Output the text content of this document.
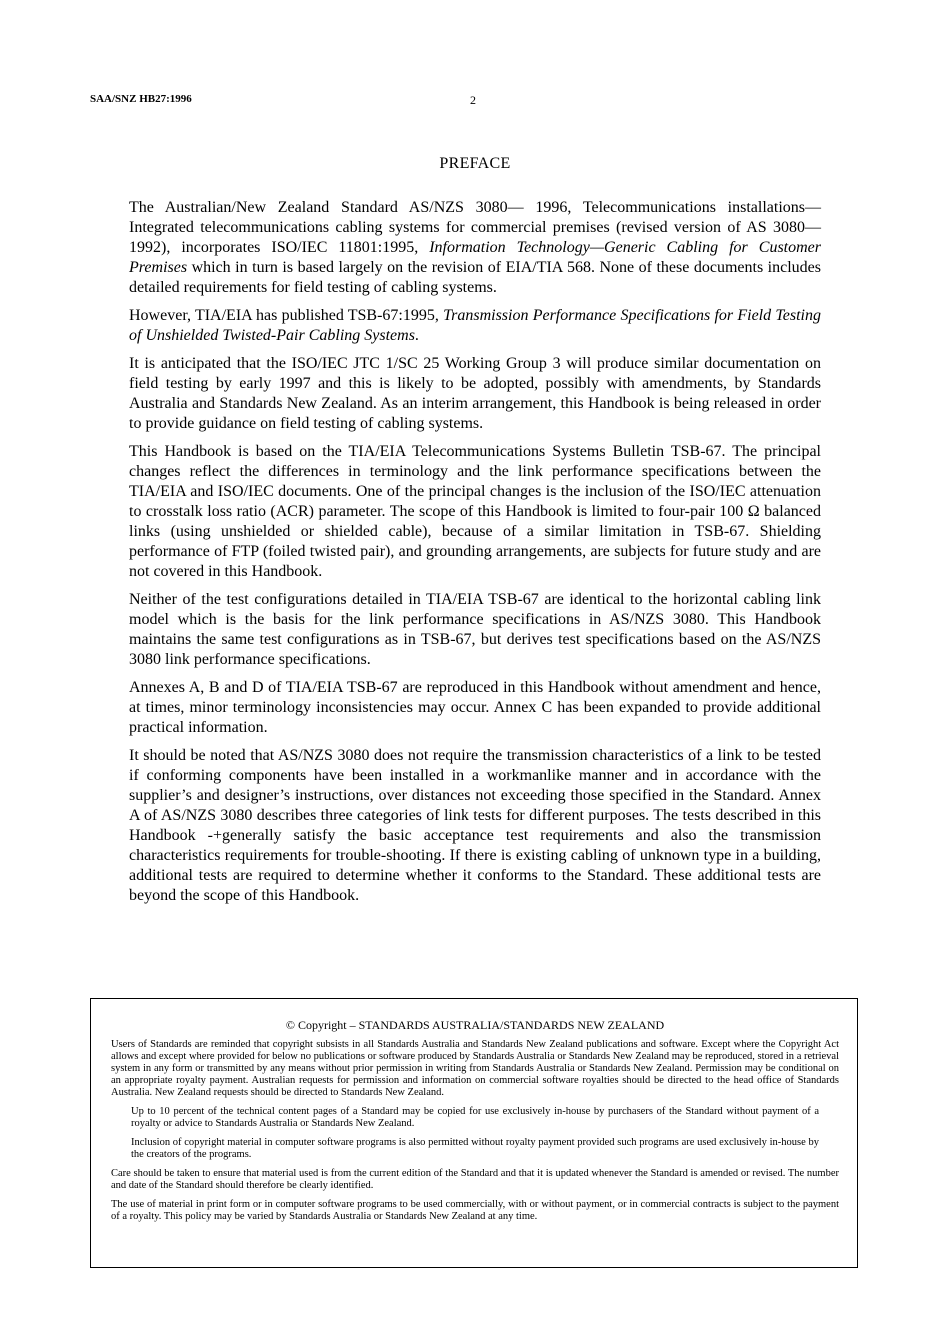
SAA/SNZ HB27:1996	2
PREFACE

The Australian/New Zealand Standard AS/NZS 3080— 1996, Telecommunications installations—Integrated telecommunications cabling systems for commercial premises (revised version of AS 3080— 1992), incorporates ISO/IEC 11801:1995, Information Technology—Generic Cabling for Customer Premises which in turn is based largely on the revision of EIA/TIA 568. None of these documents includes detailed requirements for field testing of cabling systems.

However, TIA/EIA has published TSB-67:1995, Transmission Performance Specifications for Field Testing of Unshielded Twisted-Pair Cabling Systems.

It is anticipated that the ISO/IEC JTC 1/SC 25 Working Group 3 will produce similar documentation on field testing by early 1997 and this is likely to be adopted, possibly with amendments, by Standards Australia and Standards New Zealand. As an interim arrangement, this Handbook is being released in order to provide guidance on field testing of cabling systems.

This Handbook is based on the TIA/EIA Telecommunications Systems Bulletin TSB-67. The principal changes reflect the differences in terminology and the link performance specifications between the TIA/EIA and ISO/IEC documents. One of the principal changes is the inclusion of the ISO/IEC attenuation to crosstalk loss ratio (ACR) parameter. The scope of this Handbook is limited to four-pair 100 Ω balanced links (using unshielded or shielded cable), because of a similar limitation in TSB-67. Shielding performance of FTP (foiled twisted pair), and grounding arrangements, are subjects for future study and are not covered in this Handbook.

Neither of the test configurations detailed in TIA/EIA TSB-67 are identical to the horizontal cabling link model which is the basis for the link performance specifications in AS/NZS 3080. This Handbook maintains the same test configurations as in TSB-67, but derives test specifications based on the AS/NZS 3080 link performance specifications.

Annexes A, B and D of TIA/EIA TSB-67 are reproduced in this Handbook without amendment and hence, at times, minor terminology inconsistencies may occur. Annex C has been expanded to provide additional practical information.

It should be noted that AS/NZS 3080 does not require the transmission characteristics of a link to be tested if conforming components have been installed in a workmanlike manner and in accordance with the supplier’s and designer’s instructions, over distances not exceeding those specified in the Standard. Annex A of AS/NZS 3080 describes three categories of link tests for different purposes. The tests described in this Handbook -+generally satisfy the basic acceptance test requirements and also the transmission characteristics requirements for trouble-shooting. If there is existing cabling of unknown type in a building, additional tests are required to determine whether it conforms to the Standard. These additional tests are beyond the scope of this Handbook.

© Copyright – STANDARDS AUSTRALIA/STANDARDS NEW ZEALAND

Users of Standards are reminded that copyright subsists in all Standards Australia and Standards New Zealand publications and software. Except where the Copyright Act allows and except where provided for below no publications or software produced by Standards Australia or Standards New Zealand may be reproduced, stored in a retrieval system in any form or transmitted by any means without prior permission in writing from Standards Australia or Standards New Zealand. Permission may be conditional on an appropriate royalty payment. Australian requests for permission and information on commercial software royalties should be directed to the head office of Standards Australia. New Zealand requests should be directed to Standards New Zealand.

Up to 10 percent of the technical content pages of a Standard may be copied for use exclusively in-house by purchasers of the Standard without payment of a royalty or advice to Standards Australia or Standards New Zealand.

Inclusion of copyright material in computer software programs is also permitted without royalty payment provided such programs are used exclusively in-house by the creators of the programs.

Care should be taken to ensure that material used is from the current edition of the Standard and that it is updated whenever the Standard is amended or revised. The number and date of the Standard should therefore be clearly identified.

The use of material in print form or in computer software programs to be used commercially, with or without payment, or in commercial contracts is subject to the payment of a royalty. This policy may be varied by Standards Australia or Standards New Zealand at any time.
